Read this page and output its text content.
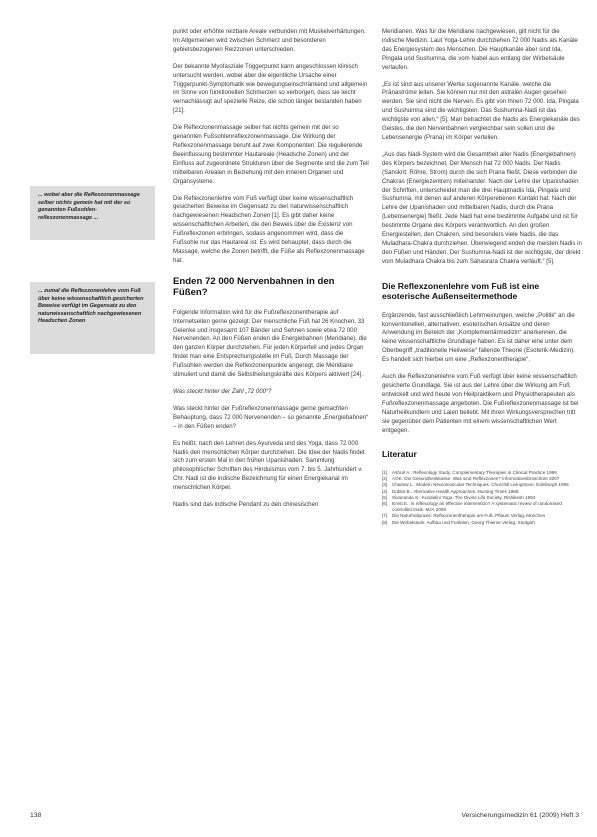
... wobei aber die Reflexzonenmassage selber nichts gemein hat mit der so genannten Fußsohlen-reflexzonenmassage ...
... zumal die Reflexzonenlehre vom Fuß über keine wissenschaftlich gesicherten Beweise verfügt im Gegensatz zu den naturwissenschaftlich nachgewiesenen Headschen Zonen

punkt oder erhöhte reizbare Areale verbunden mit Muskelverhärtungen. Im Allgemeinen wird zwischen Schmerz und besonderen gebietsbezogenen Reizzonen unterschieden.

Der bekannte Myofasziale Triggerpunkt kann angeschlossen klinisch untersucht werden, wobei aber die eigentliche Ursache einer Triggerpunkt-Symptomatik wie bewegungseinschränkend und allgemein im Sinne von funktionellen Schmerzen so verborgen, dass sie leicht vernachlässigt auf spezielle Reize, die schon länger bestanden haben [21].

Die Reflexzonenmassage selber hat nichts gemein mit der so genannten Fußsohlenreflexzonenmassage. Die Wirkung der Reflexzonenmassage beruht auf zwei Komponenten: Die regulierende Beeinflussung bestimmter Hautareale (Headsche Zonen) und der Einfluss auf zugeordnete Strukturen über die Segmente und die zum Teil mittelbaren Arealen in Beziehung mit den inneren Organen und Organsysteme.

Die Reflexzonenlehre vom Fuß verfügt über keine wissenschaftlich gesicherten Beweise im Gegensatz zu den naturwissenschaftlich nachgewiesenen Headschen Zonen [1]. Es gibt daher keine wissenschaftlichen Arbeiten, die den Beweis über die Existenz von Fußreflexzonen erbringen, sodass angenommen wird, dass die Fußsohle nur das Hautareal ist. Es wird behauptet, dass durch die Massage, welche die Zonen betrifft, die Füße als Reflexzonenmassage hat.

Enden 72 000 Nervenbahnen in den Füßen?

Folgende Information wird für die Fußreflexzonentherapie auf Internetseiten gerne gezeigt: Der menschliche Fuß hat 26 Knochen, 33 Gelenke und insgesamt 107 Bänder und Sehnen sowie etwa 72 000 Nervenenden. An den Füßen enden die Energiebahnen (Meridiane), die den ganzen Körper durchziehen. Für jeden Körperteil und jedes Organ findet man eine Entsprechungsstelle im Fuß. Durch Massage der Fußsohlen werden die Reflexzonenpunkte angeregt, die Meridiane stimuliert und damit die Selbstheilungskräfte des Körpers aktiviert [24].

Was steckt hinter der Zahl „72 000“?

Was steckt hinter der Fußreflexzonenmassage gerne gemachten Behauptung, dass 72 000 Nervenenden – so genannte „Energiebahnen“ – in den Füßen enden?

Es heißt, nach den Lehren des Ayurveda und des Yoga, dass 72 000 Nadis den menschlichen Körper durchziehen. Die Idee der Nadis findet sich zum ersten Mal in den frühen Upanishaden. Sammlung philosophischer Schriften des Hinduismus vom 7. bis 5. Jahrhundert v. Chr. Nadi ist die indische Bezeichnung für einen Energiekanal im menschlichen Körper.

Nadis sind das indische Pendant zu den chinesischen

Meridianen. Was für die Meridiane nachgewiesen, gilt nicht für die indische Medizin. Laut Yoga-Lehre durchziehen 72 000 Nadis als Kanäle das Energiesystem des Menschen. Die Hauptkanäle aber sind Ida, Pingala und Sushumna, die vom Nabel aus entlang der Wirbelsäule verlaufen.

„Es ist sind aus unserer Werke sogenannte Kanäle, welche die Prāṇaströme leiten. Sie können nur mit den astralen Augen gesehen werden. Sie sind nicht die Nerven. Es gibt von ihnen 72 000. Ida, Pingala und Sushumna sind die wichtigsten. Das Sushumna-Nadi ist das wichtigste von allen.“ [5]. Man betrachtet die Nadis als Energiekanäle des Geistes, die den Nervenbahnen vergleichbar sein sollen und die Lebensenergie (Prana) im Körper verteilen.

„Aus das Nadi-System wird die Gesamtheit aller Nadis (Energiebahnen) des Körpers bezeichnet. Der Mensch hat 72 000 Nadis. Der Nadis (Sanskrit: Röhre, Strom) durch die sich Prana fließt. Diese verbinden die Chakras (Energiezentren) miteinander. Nach der Lehre der Upanishaden der Schriften, unterscheidet man die drei Hauptnadis Ida, Pingala und Sushumna, mit denen auf anderen Körperebenen Kontakt hat. Nach der Lehre der Upanishaden und mittelbaren Nadis, durch die Prana (Lebensenergie) fließt. Jede Nadi hat eine bestimmte Aufgabe und ist für bestimmte Organe des Körpers verantwortlich. An den großen Energiestellen, den Chakren, sind besonders viele Nadis, die das Muladhara-Chakra durchziehen. Überwiegend enden die meisten Nadis in den Füßen und Händen. Der Sushumna-Nadi ist der wichtigste, der direkt vom Muladhara Chakra bis zum Sahasrara Chakra verläuft.“ [5].

Die Reflexzonenlehre vom Fuß ist eine esoterische Außenseitermethode

Ergänzende, fast ausschließlich Lehrmeinungen, welche „Politik“ an die konventionellen, alternativen, esoterischen Ansätze und deren Anwendung im Bereich der „Komplementärmedizin“ anerkennen, die keine wissenschaftliche Grundlage haben. Es ist daher eine unter dem Oberbegriff „traditionelle Heilweise“ fallende Theorie (Esoterik-Medizin). Es handelt sich hierbei um eine „Reflexzonentherapie“.

Auch die Reflexzonenlehre vom Fuß verfügt über keine wissenschaftlich gesicherte Grundlage. Sie ist aus der Lehre über die Wirkung am Fuß entwickelt und wird heute von Heilpraktikern und Physiotherapeuten als Fußreflexzonenmassage angeboten. Die Fußreflexzonenmassage ist bei Naturheilkundlern und Laien beliebt. Mit ihren Wirkungsversprechen tritt sie gegenüber dem Patienten mit einem wissenschaftlichen Wert entgegen.

Literatur
[1]	Ashraf A.: Reflexology Study. Complementary Therapies in Clinical Practice 1996
[2]	AOK: Die Gesundheitskasse. Was sind Reflexzonen? Informationsbroschüre 2007
[3]	Chaitow L.: Modern Neuromuscular Techniques. Churchill Livingstone, Edinburgh 1996
[4]	Dobbs B.: Alternative Health Approaches. Nursing Times 1985
[5]	Sivananda S.: Kundalini Yoga. The Divine Life Society, Rishikesh 1994
[6]	Ernst E.: Is reflexology an effective intervention? A systematic review of randomised controlled trials. MJA 2009
[7]	Die Naturheilpraxis: Reflexzonentherapie am Fuß. Pflaum Verlag, München
[8]	Die Wirbelsäule: Aufbau und Funktion. Georg Thieme Verlag, Stuttgart
138	Versicherungsmedizin 61 (2009) Heft 3
